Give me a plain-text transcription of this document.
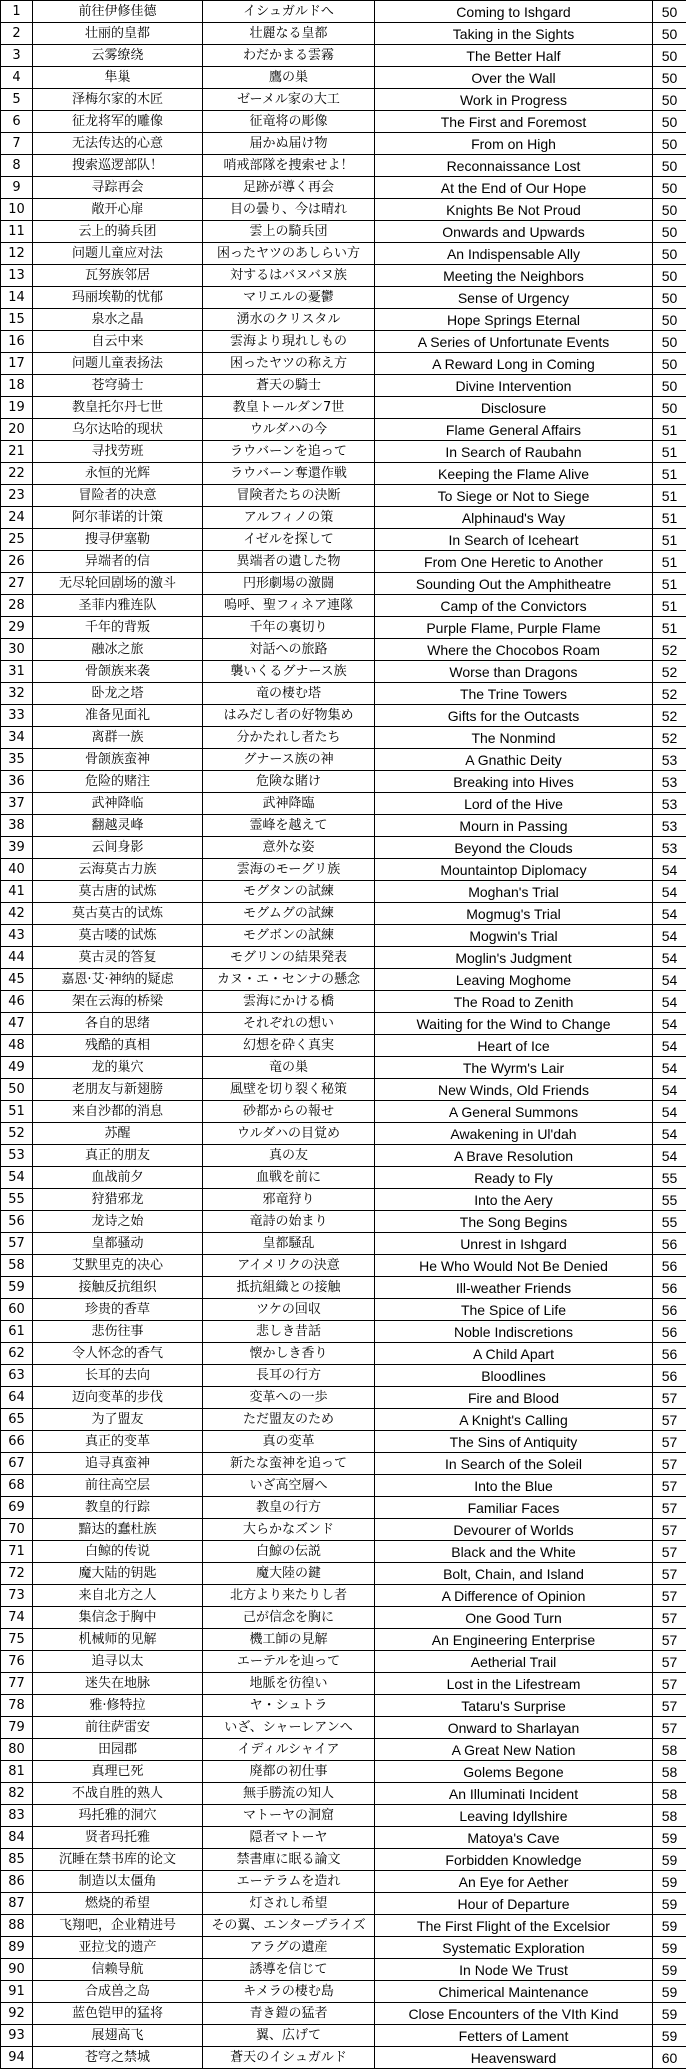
1	前往伊修佳德	イシュガルドへ	Coming to Ishgard	50
2	壮丽的皇都	壮麗なる皇都	Taking in the Sights	50
3	云雾缭绕	わだかまる雲霧	The Better Half	50
4	隼巢	鷹の巣	Over the Wall	50
5	泽梅尔家的木匠	ゼーメル家の大工	Work in Progress	50
6	征龙将军的雕像	征竜将の彫像	The First and Foremost	50
7	无法传达的心意	届かぬ届け物	From on High	50
8	搜索巡逻部队！	哨戒部隊を捜索せよ！	Reconnaissance Lost	50
9	寻踪再会	足跡が導く再会	At the End of Our Hope	50
10	敞开心扉	目の曇り、今は晴れ	Knights Be Not Proud	50
11	云上的骑兵团	雲上の騎兵団	Onwards and Upwards	50
12	问题儿童应对法	困ったヤツのあしらい方	An Indispensable Ally	50
13	瓦努族邻居	対するはバヌバヌ族	Meeting the Neighbors	50
14	玛丽埃勒的忧郁	マリエルの憂鬱	Sense of Urgency	50
15	泉水之晶	湧水のクリスタル	Hope Springs Eternal	50
16	自云中来	雲海より現れしもの	A Series of Unfortunate Events	50
17	问题儿童表扬法	困ったヤツの称え方	A Reward Long in Coming	50
18	苍穹骑士	蒼天の騎士	Divine Intervention	50
19	教皇托尔丹七世	教皇トールダン7世	Disclosure	50
20	乌尔达哈的现状	ウルダハの今	Flame General Affairs	51
21	寻找劳班	ラウバーンを追って	In Search of Raubahn	51
22	永恒的光辉	ラウバーン奪還作戦	Keeping the Flame Alive	51
23	冒险者的决意	冒険者たちの決断	To Siege or Not to Siege	51
24	阿尔菲诺的计策	アルフィノの策	Alphinaud's Way	51
25	搜寻伊塞勒	イゼルを探して	In Search of Iceheart	51
26	异端者的信	異端者の遺した物	From One Heretic to Another	51
27	无尽轮回剧场的激斗	円形劇場の激闘	Sounding Out the Amphitheatre	51
28	圣菲内雅连队	嗚呼、聖フィネア連隊	Camp of the Convictors	51
29	千年的背叛	千年の裏切り	Purple Flame, Purple Flame	51
30	融冰之旅	対話への旅路	Where the Chocobos Roam	52
31	骨颌族来袭	襲いくるグナース族	Worse than Dragons	52
32	卧龙之塔	竜の棲む塔	The Trine Towers	52
33	准备见面礼	はみだし者の好物集め	Gifts for the Outcasts	52
34	离群一族	分かたれし者たち	The Nonmind	52
35	骨颌族蛮神	グナース族の神	A Gnathic Deity	53
36	危险的赌注	危険な賭け	Breaking into Hives	53
37	武神降临	武神降臨	Lord of the Hive	53
38	翻越灵峰	霊峰を越えて	Mourn in Passing	53
39	云间身影	意外な姿	Beyond the Clouds	53
40	云海莫古力族	雲海のモーグリ族	Mountaintop Diplomacy	54
41	莫古唐的试炼	モグタンの試練	Moghan's Trial	54
42	莫古莫古的试炼	モグムグの試練	Mogmug's Trial	54
43	莫古喽的试炼	モグボンの試練	Mogwin's Trial	54
44	莫古灵的答复	モグリンの結果発表	Moglin's Judgment	54
45	嘉恩·艾·神纳的疑虑	カヌ・エ・センナの懸念	Leaving Moghome	54
46	架在云海的桥梁	雲海にかける橋	The Road to Zenith	54
47	各自的思绪	それぞれの想い	Waiting for the Wind to Change	54
48	残酷的真相	幻想を砕く真実	Heart of Ice	54
49	龙的巢穴	竜の巣	The Wyrm's Lair	54
50	老朋友与新翅膀	風壁を切り裂く秘策	New Winds, Old Friends	54
51	来自沙都的消息	砂都からの報せ	A General Summons	54
52	苏醒	ウルダハの目覚め	Awakening in Ul'dah	54
53	真正的朋友	真の友	A Brave Resolution	54
54	血战前夕	血戦を前に	Ready to Fly	55
55	狩猎邪龙	邪竜狩り	Into the Aery	55
56	龙诗之始	竜詩の始まり	The Song Begins	55
57	皇都骚动	皇都騒乱	Unrest in Ishgard	56
58	艾默里克的决心	アイメリクの決意	He Who Would Not Be Denied	56
59	接触反抗组织	抵抗組織との接触	Ill-weather Friends	56
60	珍贵的香草	ツケの回収	The Spice of Life	56
61	悲伤往事	悲しき昔話	Noble Indiscretions	56
62	令人怀念的香气	懐かしき香り	A Child Apart	56
63	长耳的去向	長耳の行方	Bloodlines	56
64	迈向变革的步伐	変革への一歩	Fire and Blood	57
65	为了盟友	ただ盟友のため	A Knight's Calling	57
66	真正的变革	真の変革	The Sins of Antiquity	57
67	追寻真蛮神	新たな蛮神を追って	In Search of the Soleil	57
68	前往高空层	いざ高空層へ	Into the Blue	57
69	教皇的行踪	教皇の行方	Familiar Faces	57
70	黯达的蠢杜族	大らかなズンド	Devourer of Worlds	57
71	白鲸的传说	白鯨の伝説	Black and the White	57
72	魔大陆的钥匙	魔大陸の鍵	Bolt, Chain, and Island	57
73	来自北方之人	北方より来たりし者	A Difference of Opinion	57
74	集信念于胸中	己が信念を胸に	One Good Turn	57
75	机械师的见解	機工師の見解	An Engineering Enterprise	57
76	追寻以太	エーテルを辿って	Aetherial Trail	57
77	迷失在地脉	地脈を彷徨い	Lost in the Lifestream	57
78	雅·修特拉	ヤ・シュトラ	Tataru's Surprise	57
79	前往萨雷安	いざ、シャーレアンへ	Onward to Sharlayan	57
80	田园郡	イディルシャイア	A Great New Nation	58
81	真理已死	廃都の初仕事	Golems Begone	58
82	不战自胜的熟人	無手勝流の知人	An Illuminati Incident	58
83	玛托雅的洞穴	マトーヤの洞窟	Leaving Idyllshire	58
84	贤者玛托雅	隠者マトーヤ	Matoya's Cave	59
85	沉睡在禁书库的论文	禁書庫に眠る論文	Forbidden Knowledge	59
86	制造以太僵角	エーテラムを造れ	An Eye for Aether	59
87	燃烧的希望	灯されし希望	Hour of Departure	59
88	飞翔吧，企业精进号	その翼、エンタープライズ	The First Flight of the Excelsior	59
89	亚拉戈的遗产	アラグの遺産	Systematic Exploration	59
90	信赖导航	誘導を信じて	In Node We Trust	59
91	合成兽之岛	キメラの棲む島	Chimerical Maintenance	59
92	蓝色铠甲的猛将	青き鎧の猛者	Close Encounters of the VIth Kind	59
93	展翅高飞	翼、広げて	Fetters of Lament	59
94	苍穹之禁城	蒼天のイシュガルド	Heavensward	60
